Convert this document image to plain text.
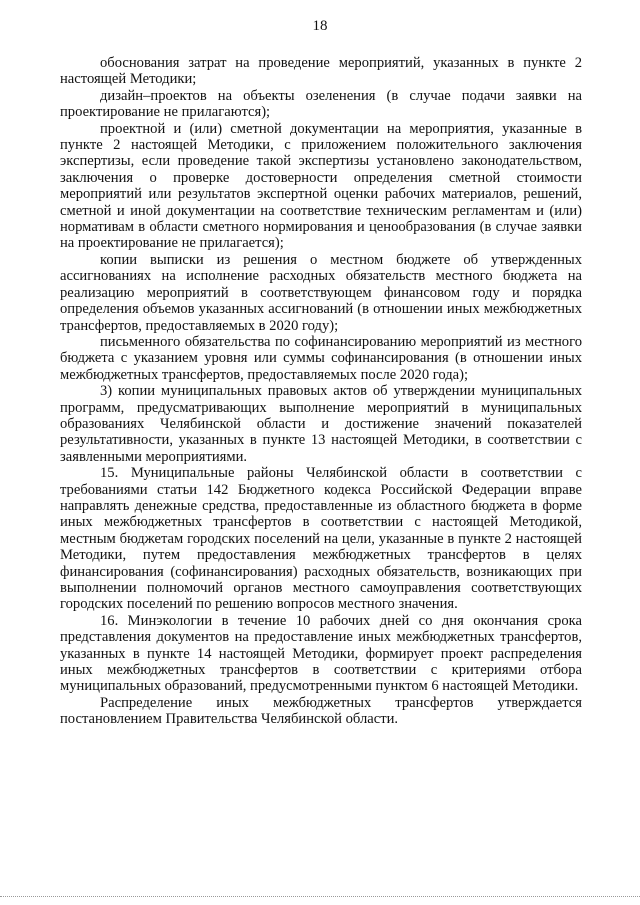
18

обоснования затрат на проведение мероприятий, указанных в пункте 2 настоящей Методики;

дизайн–проектов на объекты озеленения (в случае подачи заявки на проектирование не прилагаются);

проектной и (или) сметной документации на мероприятия, указанные в пункте 2 настоящей Методики, с приложением положительного заключения экспертизы, если проведение такой экспертизы установлено законодательством, заключения о проверке достоверности определения сметной стоимости мероприятий или результатов экспертной оценки рабочих материалов, решений, сметной и иной документации на соответствие техническим регламентам и (или) нормативам в области сметного нормирования и ценообразования (в случае заявки на проектирование не прилагается);

копии выписки из решения о местном бюджете об утвержденных ассигнованиях на исполнение расходных обязательств местного бюджета на реализацию мероприятий в соответствующем финансовом году и порядка определения объемов указанных ассигнований (в отношении иных межбюджетных трансфертов, предоставляемых в 2020 году);

письменного обязательства по софинансированию мероприятий из местного бюджета с указанием уровня или суммы софинансирования (в отношении иных межбюджетных трансфертов, предоставляемых после 2020 года);

3) копии муниципальных правовых актов об утверждении муниципальных программ, предусматривающих выполнение мероприятий в муниципальных образованиях Челябинской области и достижение значений показателей результативности, указанных в пункте 13 настоящей Методики, в соответствии с заявленными мероприятиями.

15. Муниципальные районы Челябинской области в соответствии с требованиями статьи 142 Бюджетного кодекса Российской Федерации вправе направлять денежные средства, предоставленные из областного бюджета в форме иных межбюджетных трансфертов в соответствии с настоящей Методикой, местным бюджетам городских поселений на цели, указанные в пункте 2 настоящей Методики, путем предоставления межбюджетных трансфертов в целях финансирования (софинансирования) расходных обязательств, возникающих при выполнении полномочий органов местного самоуправления соответствующих городских поселений по решению вопросов местного значения.

16. Минэкологии в течение 10 рабочих дней со дня окончания срока представления документов на предоставление иных межбюджетных трансфертов, указанных в пункте 14 настоящей Методики, формирует проект распределения иных межбюджетных трансфертов в соответствии с критериями отбора муниципальных образований, предусмотренными пунктом 6 настоящей Методики.

Распределение иных межбюджетных трансфертов утверждается постановлением Правительства Челябинской области.
